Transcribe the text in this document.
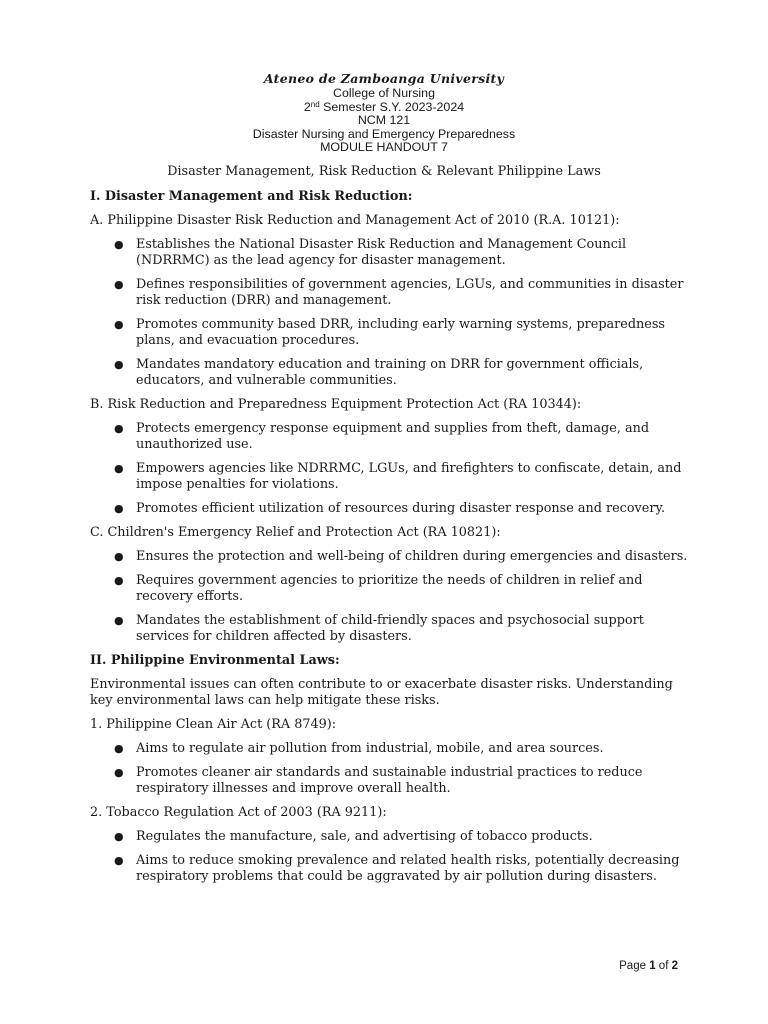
Ateneo de Zamboanga University
College of Nursing
2nd Semester S.Y. 2023-2024
NCM 121
Disaster Nursing and Emergency Preparedness
MODULE HANDOUT 7
Disaster Management, Risk Reduction & Relevant Philippine Laws
I. Disaster Management and Risk Reduction:
A. Philippine Disaster Risk Reduction and Management Act of 2010 (R.A. 10121):
● Establishes the National Disaster Risk Reduction and Management Council (NDRRMC) as the lead agency for disaster management.
● Defines responsibilities of government agencies, LGUs, and communities in disaster risk reduction (DRR) and management.
● Promotes community based DRR, including early warning systems, preparedness plans, and evacuation procedures.
● Mandates mandatory education and training on DRR for government officials, educators, and vulnerable communities.
B. Risk Reduction and Preparedness Equipment Protection Act (RA 10344):
● Protects emergency response equipment and supplies from theft, damage, and unauthorized use.
● Empowers agencies like NDRRMC, LGUs, and firefighters to confiscate, detain, and impose penalties for violations.
● Promotes efficient utilization of resources during disaster response and recovery.
C. Children's Emergency Relief and Protection Act (RA 10821):
● Ensures the protection and well-being of children during emergencies and disasters.
● Requires government agencies to prioritize the needs of children in relief and recovery efforts.
● Mandates the establishment of child-friendly spaces and psychosocial support services for children affected by disasters.
II. Philippine Environmental Laws:
Environmental issues can often contribute to or exacerbate disaster risks. Understanding key environmental laws can help mitigate these risks.
1. Philippine Clean Air Act (RA 8749):
● Aims to regulate air pollution from industrial, mobile, and area sources.
● Promotes cleaner air standards and sustainable industrial practices to reduce respiratory illnesses and improve overall health.
2. Tobacco Regulation Act of 2003 (RA 9211):
● Regulates the manufacture, sale, and advertising of tobacco products.
● Aims to reduce smoking prevalence and related health risks, potentially decreasing respiratory problems that could be aggravated by air pollution during disasters.
Page 1 of 2
